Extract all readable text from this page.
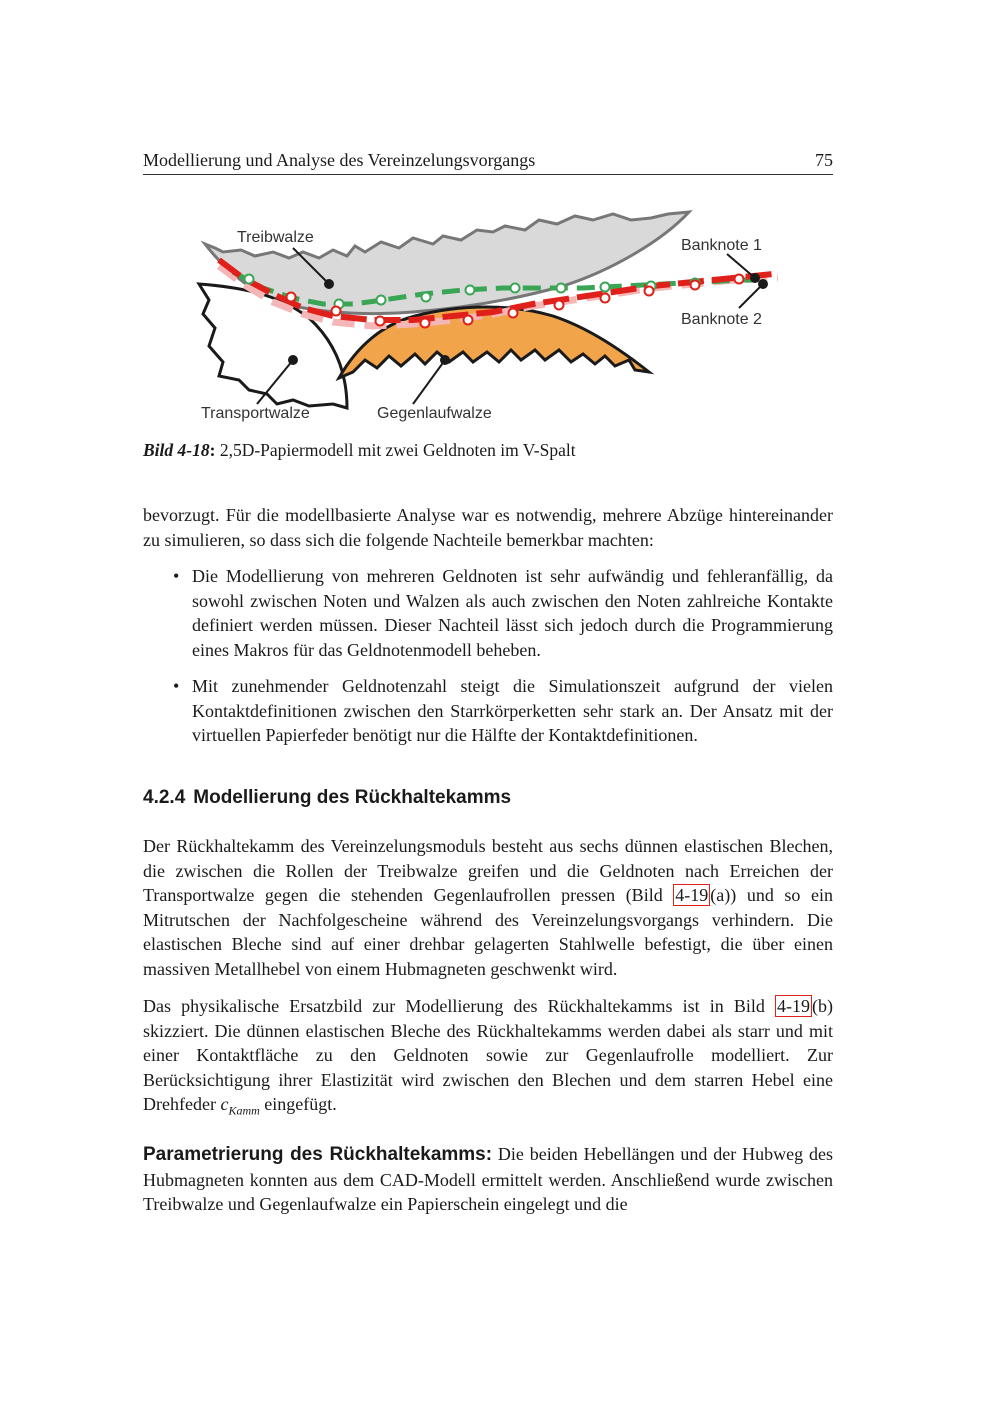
Modellierung und Analyse des Vereinzelungsvorgangs	75
Treibwalze	Banknote 1
Banknote 2
Transportwalze	Gegenlaufwalze
Bild 4-18: 2,5D-Papiermodell mit zwei Geldnoten im V-Spalt
bevorzugt. Für die modellbasierte Analyse war es notwendig, mehrere Abzüge hintereinander zu simulieren, so dass sich die folgende Nachteile bemerkbar machten:
• Die Modellierung von mehreren Geldnoten ist sehr aufwändig und fehleranfällig, da sowohl zwischen Noten und Walzen als auch zwischen den Noten zahlreiche Kontakte definiert werden müssen. Dieser Nachteil lässt sich jedoch durch die Programmierung eines Makros für das Geldnotenmodell beheben.
• Mit zunehmender Geldnotenzahl steigt die Simulationszeit aufgrund der vielen Kontaktdefinitionen zwischen den Starrkörperketten sehr stark an. Der Ansatz mit der virtuellen Papierfeder benötigt nur die Hälfte der Kontaktdefinitionen.
4.2.4 Modellierung des Rückhaltekamms
Der Rückhaltekamm des Vereinzelungsmoduls besteht aus sechs dünnen elastischen Blechen, die zwischen die Rollen der Treibwalze greifen und die Geldnoten nach Erreichen der Transportwalze gegen die stehenden Gegenlaufrollen pressen (Bild 4-19 (a)) und so ein Mitrutschen der Nachfolgescheine während des Vereinzelungsvorgangs verhindern. Die elastischen Bleche sind auf einer drehbar gelagerten Stahlwelle befestigt, die über einen massiven Metallhebel von einem Hubmagneten geschwenkt wird.
Das physikalische Ersatzbild zur Modellierung des Rückhaltekamms ist in Bild 4-19 (b) skizziert. Die dünnen elastischen Bleche des Rückhaltekamms werden dabei als starr und mit einer Kontaktfläche zu den Geldnoten sowie zur Gegenlaufrolle modelliert. Zur Berücksichtigung ihrer Elastizität wird zwischen den Blechen und dem starren Hebel eine Drehfeder $c_{Kamm}$ eingefügt.
Parametrierung des Rückhaltekamms: Die beiden Hebellängen und der Hubweg des Hubmagneten konnten aus dem CAD-Modell ermittelt werden. Anschließend wurde zwischen Treibwalze und Gegenlaufwalze ein Papierschein eingelegt und die
